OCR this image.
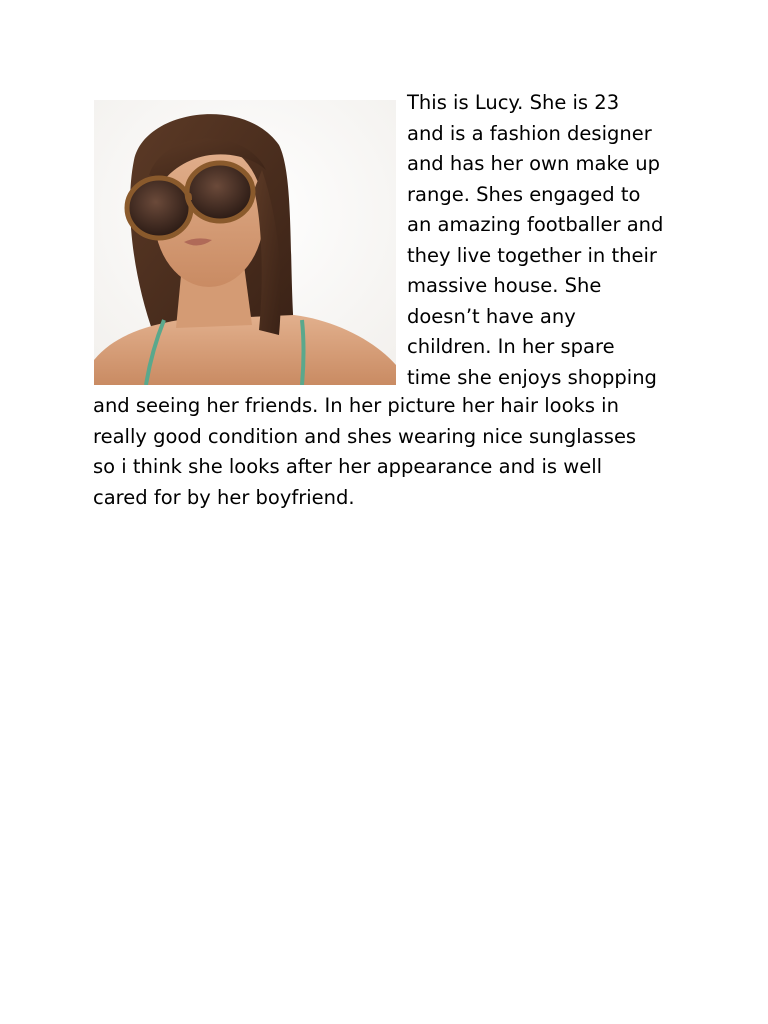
This is Lucy. She is 23
and is a fashion designer
and has her own make up
range. Shes engaged to
an amazing footballer and
they live together in their
massive house. She
doesn’t have any
children. In her spare
time she enjoys shopping

and seeing her friends. In her picture her hair looks in
really good condition and shes wearing nice sunglasses
so i think she looks after her appearance and is well
cared for by her boyfriend.
